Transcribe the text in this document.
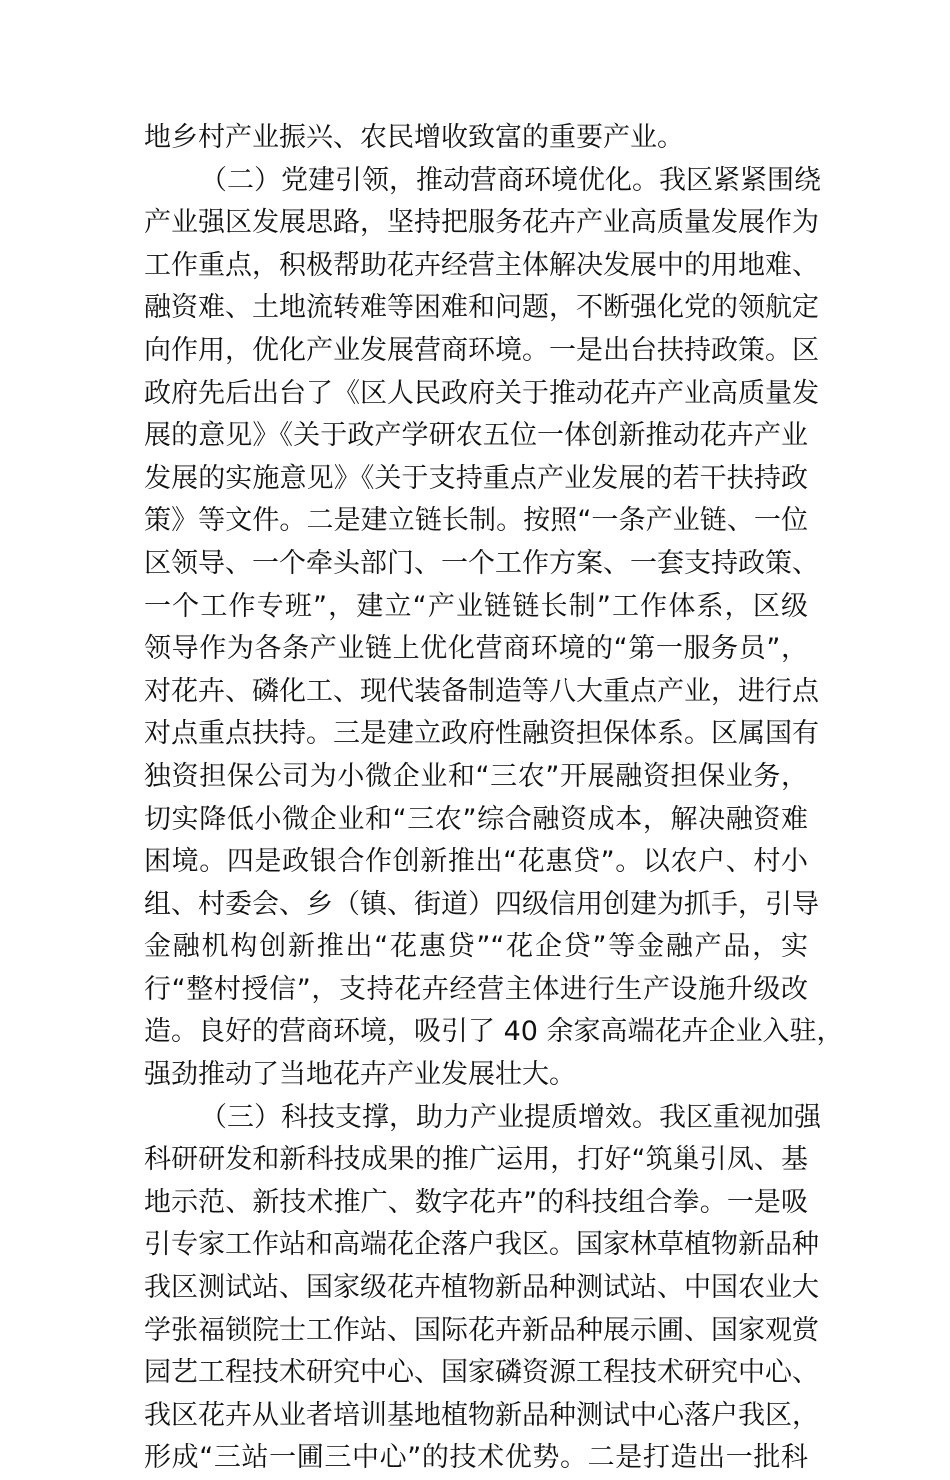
地乡村产业振兴、农民增收致富的重要产业。
（二）党建引领，推动营商环境优化。我区紧紧围绕
产业强区发展思路，坚持把服务花卉产业高质量发展作为
工作重点，积极帮助花卉经营主体解决发展中的用地难、
融资难、土地流转难等困难和问题，不断强化党的领航定
向作用，优化产业发展营商环境。一是出台扶持政策。区
政府先后出台了《区人民政府关于推动花卉产业高质量发
展的意见》《关于政产学研农五位一体创新推动花卉产业
发展的实施意见》《关于支持重点产业发展的若干扶持政
策》等文件。二是建立链长制。按照“一条产业链、一位
区领导、一个牵头部门、一个工作方案、一套支持政策、
一个工作专班”，建立“产业链链长制”工作体系，区级
领导作为各条产业链上优化营商环境的“第一服务员”，
对花卉、磷化工、现代装备制造等八大重点产业，进行点
对点重点扶持。三是建立政府性融资担保体系。区属国有
独资担保公司为小微企业和“三农”开展融资担保业务，
切实降低小微企业和“三农”综合融资成本，解决融资难
困境。四是政银合作创新推出“花惠贷”。以农户、村小
组、村委会、乡（镇、街道）四级信用创建为抓手，引导
金融机构创新推出“花惠贷”“花企贷”等金融产品，实
行“整村授信”，支持花卉经营主体进行生产设施升级改
造。良好的营商环境，吸引了 40 余家高端花卉企业入驻，
强劲推动了当地花卉产业发展壮大。
（三）科技支撑，助力产业提质增效。我区重视加强
科研研发和新科技成果的推广运用，打好“筑巢引凤、基
地示范、新技术推广、数字花卉”的科技组合拳。一是吸
引专家工作站和高端花企落户我区。国家林草植物新品种
我区测试站、国家级花卉植物新品种测试站、中国农业大
学张福锁院士工作站、国际花卉新品种展示圃、国家观赏
园艺工程技术研究中心、国家磷资源工程技术研究中心、
我区花卉从业者培训基地植物新品种测试中心落户我区，
形成“三站一圃三中心”的技术优势。二是打造出一批科
